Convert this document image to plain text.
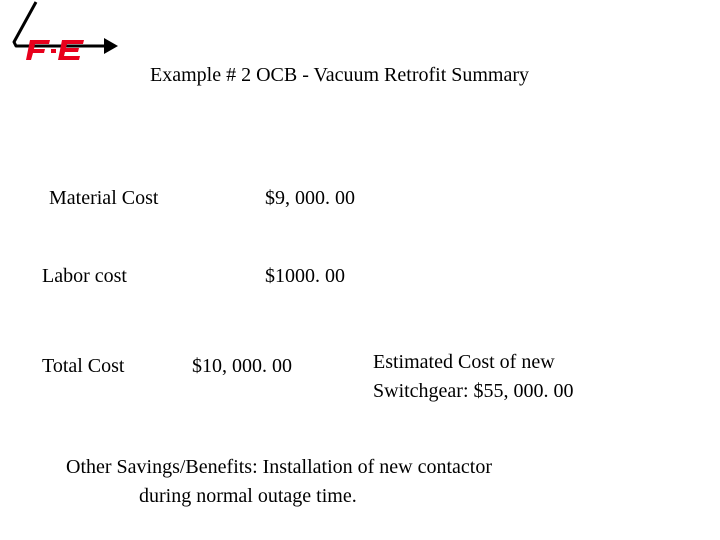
Example # 2 OCB - Vacuum Retrofit Summary
Material Cost	$9, 000. 00
Labor cost	$1000. 00
Total Cost	$10, 000. 00	Estimated Cost of new
Switchgear: $55, 000. 00
Other Savings/Benefits: Installation of new contactor
during normal outage time.
